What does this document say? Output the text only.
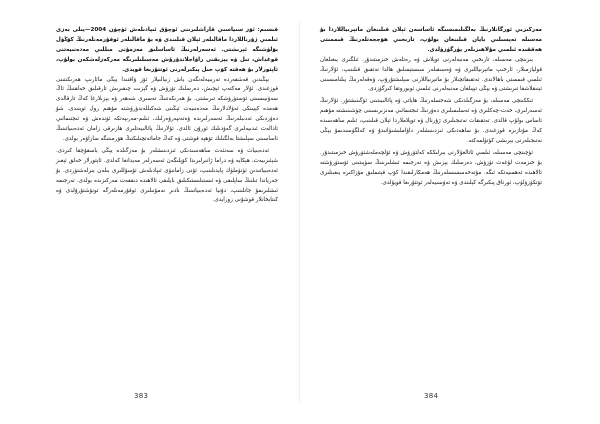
قىسىم: ئۆز سىياسىي قاراشلىرىنى ئوچۇق ئىپادىلەش ئۈچۈن 2004—يىلى بەزى ئىلمىي ژۇرناللاردا ماقالىلەر ئېلان قىلىندى ۋە بۇ ماقالىلەر ئوقۇرمەنلەرنىڭ كۆڭۈل بۆلۈشىگە ئېرىشتى. ئەسەرلەرنىڭ ئاساسلىق مەزمۇنى مىللىي مەدەنىيەتنى قوغداش، تىل ۋە يېزىقنى راۋاجلاندۇرۇش مەسىلىلىرىگە مەركەزلەشكەن بولۇپ، ئاپتورلار بۇ ھەقتە كۆپ خىل پىكىرلەرنى ئوتتۇرىغا قويدى.

يېڭىدىن قەشقەردە تەربىيەلەنگەن ياش زىيالىيلار ئۆز ۋاقتىدا يېڭى مائارىپ ھەرىكىتىنى قوزغىدى. ئۇلار مەكتەپ ئېچىش، دەرسلىك تۈزۈش ۋە گېزىت چىقىرىش ئارقىلىق خەلقنىڭ ئاڭ سەۋىيىسىنى ئۆستۈرۈشكە تىرىشتى. بۇ ھەرىكەتنىڭ تەسىرى شەھەر ۋە يېزىلارغا كەڭ تارقالدى ھەمدە كېيىنكى ئەۋلادلارنىڭ مەدەنىيەت ئېڭىنى شەكىللەندۈرۈشتە مۇھىم رول ئوينىدى. شۇ دەۋردىكى ئەدىبلەرنىڭ ئەسەرلىرىدە ۋەتەنپەرۋەرلىك، ئىلىم-مەرىپەتكە ئۈندەش ۋە ئىجتىمائىي ئادالەت ئىدىيەلىرى گەۋدىلىك ئورۇن ئالدى. ئۇلارنىڭ پائالىيەتلىرى ھازىرقى زامان ئەدەبىياتىنىڭ ئاساسىنى سېلىشتا بەلگىلىك تۆھپە قوشتى ۋە كەڭ جامائەتچىلىكنىڭ ھۆرمىتىگە سازاۋەر بولدى.

ئەدەبىيات ۋە سەنئەت ساھەسىدىكى ئىزدىنىشلەر بۇ مەزگىلدە يېڭى باسقۇچقا كىردى. شېئىرىيەت، ھېكايە ۋە دراما ژانىرلىرىدا كۆپلىگەن ئەسەرلەر مەيدانغا كەلدى. ئاپتورلار خەلق ئېغىز ئەدەبىياتىدىن ئۈنۈملۈك پايدىلىنىپ، ئۇنى زامانىۋى ئىپادىلەش ئۇسۇللىرى بىلەن بىرلەشتۈردى. بۇ جەرياندا تىلنىڭ ساپلىقى ۋە ئىستىلىستىكىلىق بايلىقى ئالاھىدە دىققەت مەركىزىدە بولدى. تەرجىمە ئىشلىرىمۇ جانلىنىپ، دۇنيا ئەدەبىياتىنىڭ نادىر نەمۇنىلىرى ئوقۇرمەنلەرگە تونۇشتۇرۇلدى ۋە كىتابخانلار قوشۇنى زورايدى.

383

مەركىزىي ئورگانلارنىڭ بەلگىلىمىسىگە ئاساسەن ئېلان قىلىنغان ماتېرىياللاردا بۇ مەسىلە تەپسىلىي بايان قىلىنغان بولۇپ، تارىخىي ھۆججەتلەرنىڭ قىممىتى ھەققىدە ئىلمىي مۇلاھىزىلەر يۈرگۈزۈلدى.

بىرىنچى مەسىلە، تارىخىي مەنبەلەرنى توپلاش ۋە رەتلەش خىزمىتىدۇر. ئىلگىرى يىغىلغان قوليازمىلار، ئارخىپ ماتېرىياللىرى ۋە ۋەسىقىلەر سىستېمىلىق ھالدا تەتقىق قىلىنىپ، ئۇلارنىڭ ئىلمىي قىممىتى باھالاندى. تەتقىقاتچىلار بۇ ماتېرىياللارنى سېلىشتۇرۇپ، ۋەقەلەرنىڭ يىلنامىسىنى ئېنىقلاشقا تىرىشتى ۋە يېڭى تېپىلغان مەنبەلەرنى ئىلمىي ئوبوروتقا كىرگۈزدى.

ئىككىنچى مەسىلە، بۇ مەزگىلدىكى شەخسلەرنىڭ ھاياتى ۋە پائالىيىتىنى ئۆگىنىشتۇر. ئۇلارنىڭ ئەسەرلىرى، خەت-چەكلىرى ۋە ئەسلىمىلىرى دەۋرنىڭ ئىجتىمائىي مەنزىرىسىنى چۈشىنىشتە مۇھىم ئاساس بولۇپ قالدى. تەتقىقات نەتىجىلىرى ژۇرنال ۋە توپلاملاردا ئېلان قىلىنىپ، ئىلىم ساھەسىدە كەڭ مۇنازىرە قوزغىدى. بۇ ساھەدىكى ئىزدىنىشلەر داۋاملىشىۋاتىدۇ ۋە كەلگۈسىدىمۇ يېڭى نەتىجىلەرنى بېرىشى كۈتۈلمەكتە.

ئۈچىنچى مەسىلە، ئىلمىي ئاتالغۇلارنى بىرلىككە كەلتۈرۈش ۋە ئۆلچەملەشتۈرۈش خىزمىتىدۇر. بۇ خىزمەت لۇغەت تۈزۈش، دەرسلىك يېزىش ۋە تەرجىمە ئىشلىرىنىڭ سۈپىتىنى ئۆستۈرۈشتە ئالاھىدە ئەھمىيەتكە ئىگە. مۇتەخەسسىسلەرنىڭ ھەمكارلىقىدا كۆپ قېتىملىق مۇزاكىرە يىغىنلىرى ئۆتكۈزۈلۈپ، ئورتاق پىكىرگە كېلىندى ۋە تەۋسىيەلەر ئوتتۇرىغا قويۇلدى.

384
